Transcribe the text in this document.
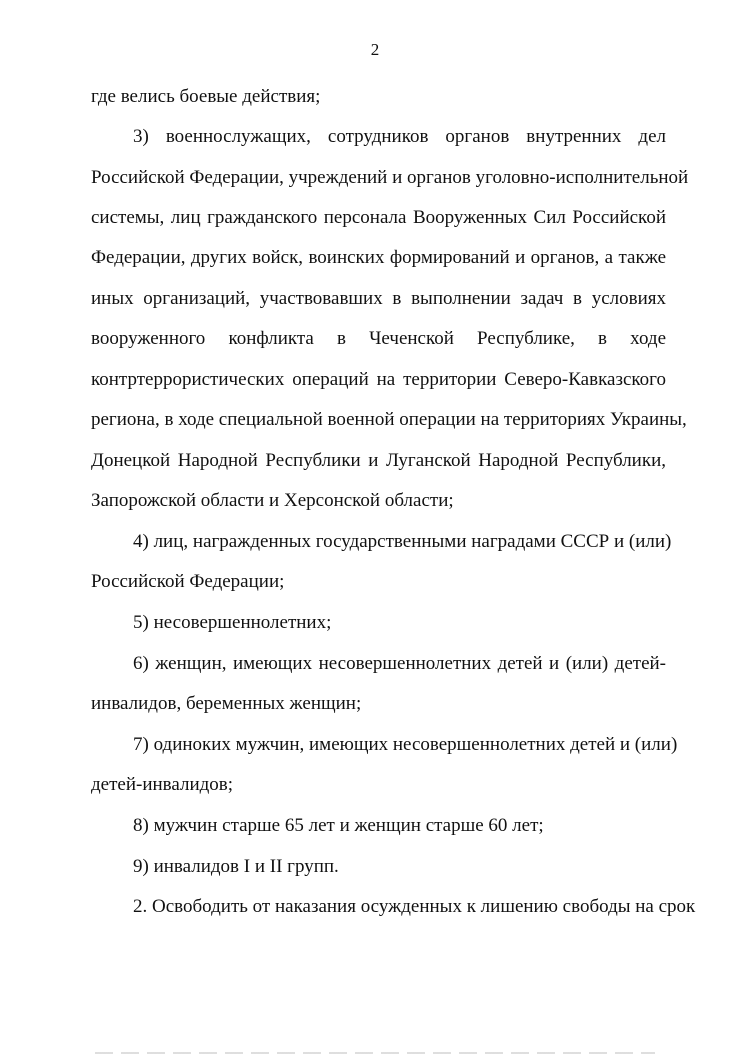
2
где велись боевые действия;
3) военнослужащих, сотрудников органов внутренних дел
Российской Федерации, учреждений и органов уголовно-исполнительной
системы, лиц гражданского персонала Вооруженных Сил Российской
Федерации, других войск, воинских формирований и органов, а также
иных организаций, участвовавших в выполнении задач в условиях
вооруженного конфликта в Чеченской Республике, в ходе
контртеррористических операций на территории Северо-Кавказского
региона, в ходе специальной военной операции на территориях Украины,
Донецкой Народной Республики и Луганской Народной Республики,
Запорожской области и Херсонской области;
4) лиц, награжденных государственными наградами СССР и (или)
Российской Федерации;
5) несовершеннолетних;
6) женщин, имеющих несовершеннолетних детей и (или) детей-
инвалидов, беременных женщин;
7) одиноких мужчин, имеющих несовершеннолетних детей и (или)
детей-инвалидов;
8) мужчин старше 65 лет и женщин старше 60 лет;
9) инвалидов I и II групп.
2. Освободить от наказания осужденных к лишению свободы на срок
